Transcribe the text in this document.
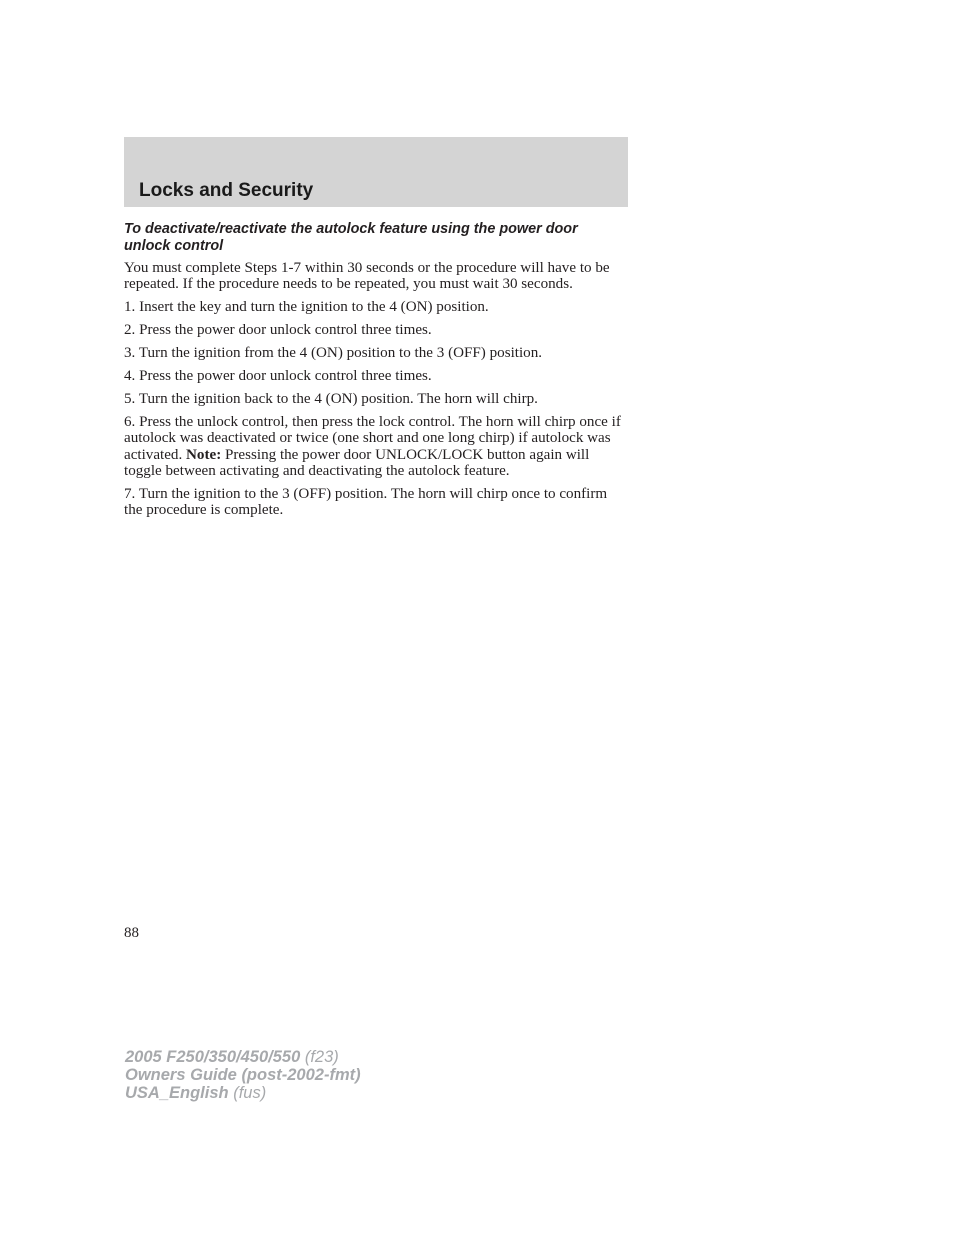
Locks and Security

To deactivate/reactivate the autolock feature using the power door unlock control

You must complete Steps 1-7 within 30 seconds or the procedure will have to be repeated. If the procedure needs to be repeated, you must wait 30 seconds.

1. Insert the key and turn the ignition to the 4 (ON) position.

2. Press the power door unlock control three times.

3. Turn the ignition from the 4 (ON) position to the 3 (OFF) position.

4. Press the power door unlock control three times.

5. Turn the ignition back to the 4 (ON) position. The horn will chirp.

6. Press the unlock control, then press the lock control. The horn will chirp once if autolock was deactivated or twice (one short and one long chirp) if autolock was activated. Note: Pressing the power door UNLOCK/LOCK button again will toggle between activating and deactivating the autolock feature.

7. Turn the ignition to the 3 (OFF) position. The horn will chirp once to confirm the procedure is complete.

88
2005 F250/350/450/550 (f23)
Owners Guide (post-2002-fmt)
USA_English (fus)
